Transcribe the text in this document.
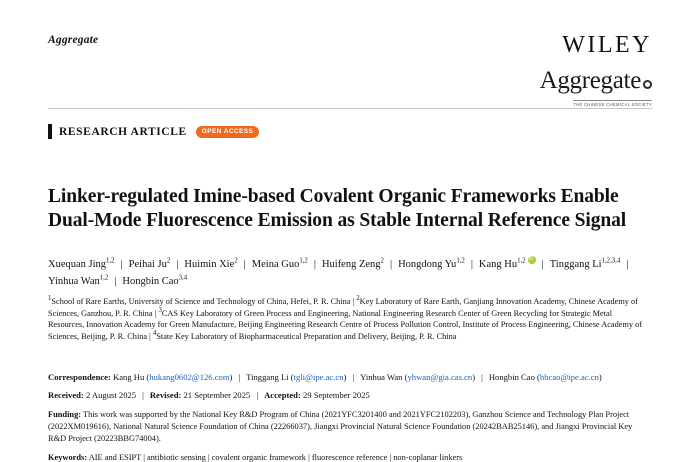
Aggregate	WILEY
Aggregate
THE CHINESE CHEMICAL SOCIETY
RESEARCH ARTICLE	OPEN ACCESS
Linker-regulated Imine-based Covalent Organic Frameworks Enable Dual-Mode Fluorescence Emission as Stable Internal Reference Signal
Xuequan Jing$^{1,2}$ | Peihai Ju$^2$ | Huimin Xie$^2$ | Meina Guo$^{1,2}$ | Huifeng Zeng$^2$ | Hongdong Yu$^{1,2}$ | Kang Hu$^{1,2}$ iD | Tinggang Li$^{1,2,3,4}$ |Yinhua Wan$^{1,2}$ | Hongbin Cao$^{3,4}$
$^1$School of Rare Earths, University of Science and Technology of China, Hefei, P. R. China | $^2$Key Laboratory of Rare Earth, Ganjiang Innovation Academy, Chinese Academy of Sciences, Ganzhou, P. R. China | $^3$CAS Key Laboratory of Green Process and Engineering, National Engineering Research Center of Green Recycling for Strategic Metal Resources, Innovation Academy for Green Manufacture, Beijing Engineering Research Centre of Process Pollution Control, Institute of Process Engineering, Chinese Academy of Sciences, Beijing, P. R. China | $^4$State Key Laboratory of Biopharmaceutical Preparation and Delivery, Beijing, P. R. China
Correspondence: Kang Hu (hukang0602@126.com) | Tinggang Li (tgli@ipe.ac.cn) | Yinhua Wan (yhwan@gia.cas.cn) | Hongbin Cao (hbcao@ipe.ac.cn)
Received: 2 August 2025 | Revised: 21 September 2025 | Accepted: 29 September 2025
Funding: This work was supported by the National Key R&D Program of China (2021YFC3201400 and 2021YFC2102203), Ganzhou Science and Technology Plan Project (2022XM019616), National Natural Science Foundation of China (22266037), Jiangxi Provincial Natural Science Foundation (20242BAB25146), and Jiangxi Provincial Key R&D Project (20223BBG74004).
Keywords: AIE and ESIPT | antibiotic sensing | covalent organic framework | fluorescence reference | non-coplanar linkers
